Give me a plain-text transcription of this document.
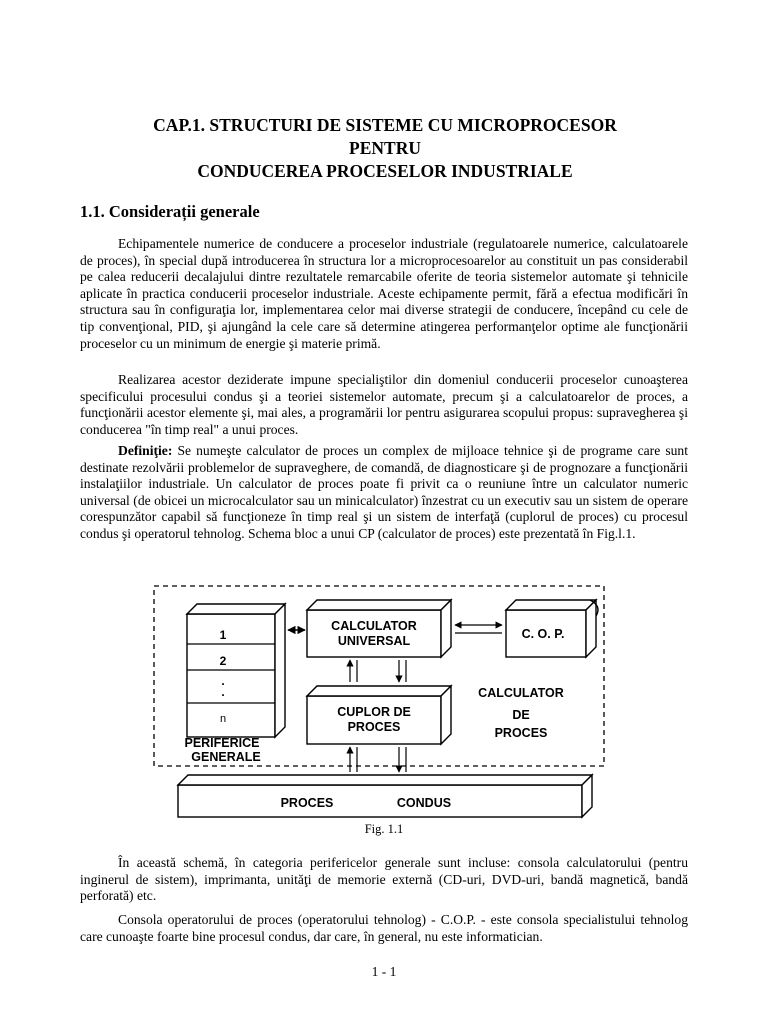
CAP.1. STRUCTURI DE SISTEME CU MICROPROCESOR
PENTRU
CONDUCEREA PROCESELOR INDUSTRIALE
1.1. Considerații generale

Echipamentele numerice de conducere a proceselor industriale (regulatoarele numerice, calculatoarele de proces), în special după introducerea în structura lor a microprocesoarelor au constituit un pas considerabil pe calea reducerii decalajului dintre rezultatele remarcabile oferite de teoria sistemelor automate şi tehnicile aplicate în practica conducerii proceselor industriale. Aceste echipamente permit, fără a efectua modificări în structura sau în configuraţia lor, implementarea celor mai diverse strategii de conducere, începând cu cele de tip convenţional, PID, şi ajungând la cele care să determine atingerea performanţelor optime ale funcţionării proceselor cu un minimum de energie şi materie primă.

Realizarea acestor deziderate impune specialiştilor din domeniul conducerii proceselor cunoaşterea specificului procesului condus şi a teoriei sistemelor automate, precum şi a calculatoarelor de proces, a funcţionării acestor elemente şi, mai ales, a programării lor pentru asigurarea scopului propus: supravegherea şi conducerea "în timp real" a unui proces.

Definiţie: Se numeşte calculator de proces un complex de mijloace tehnice şi de programe care sunt destinate rezolvării problemelor de supraveghere, de comandă, de diagnosticare şi de prognozare a funcţionării instalaţiilor industriale. Un calculator de proces poate fi privit ca o reuniune între un calculator numeric universal (de obicei un microcalculator sau un minicalculator) înzestrat cu un executiv sau un sistem de operare corespunzător capabil să funcţioneze în timp real şi un sistem de interfaţă (cuplorul de proces) cu procesul condus şi operatorul tehnolog. Schema bloc a unui CP (calculator de proces) este prezentată în Fig.l.1.

1
2
.
.
n
PERIFERICE
GENERALE
CALCULATOR
UNIVERSAL	C. O. P.
CUPLOR DE
PROCES
CALCULATOR
DE
PROCES
PROCES	CONDUS

Fig. 1.1

În această schemă, în categoria perifericelor generale sunt incluse: consola calculatorului (pentru inginerul de sistem), imprimanta, unităţi de memorie externă (CD-uri, DVD-uri, bandă magnetică, bandă perforată) etc.

Consola operatorului de proces (operatorului tehnolog) - C.O.P. - este consola specialistului tehnolog care cunoaşte foarte bine procesul condus, dar care, în general, nu este informatician.

1 - 1
